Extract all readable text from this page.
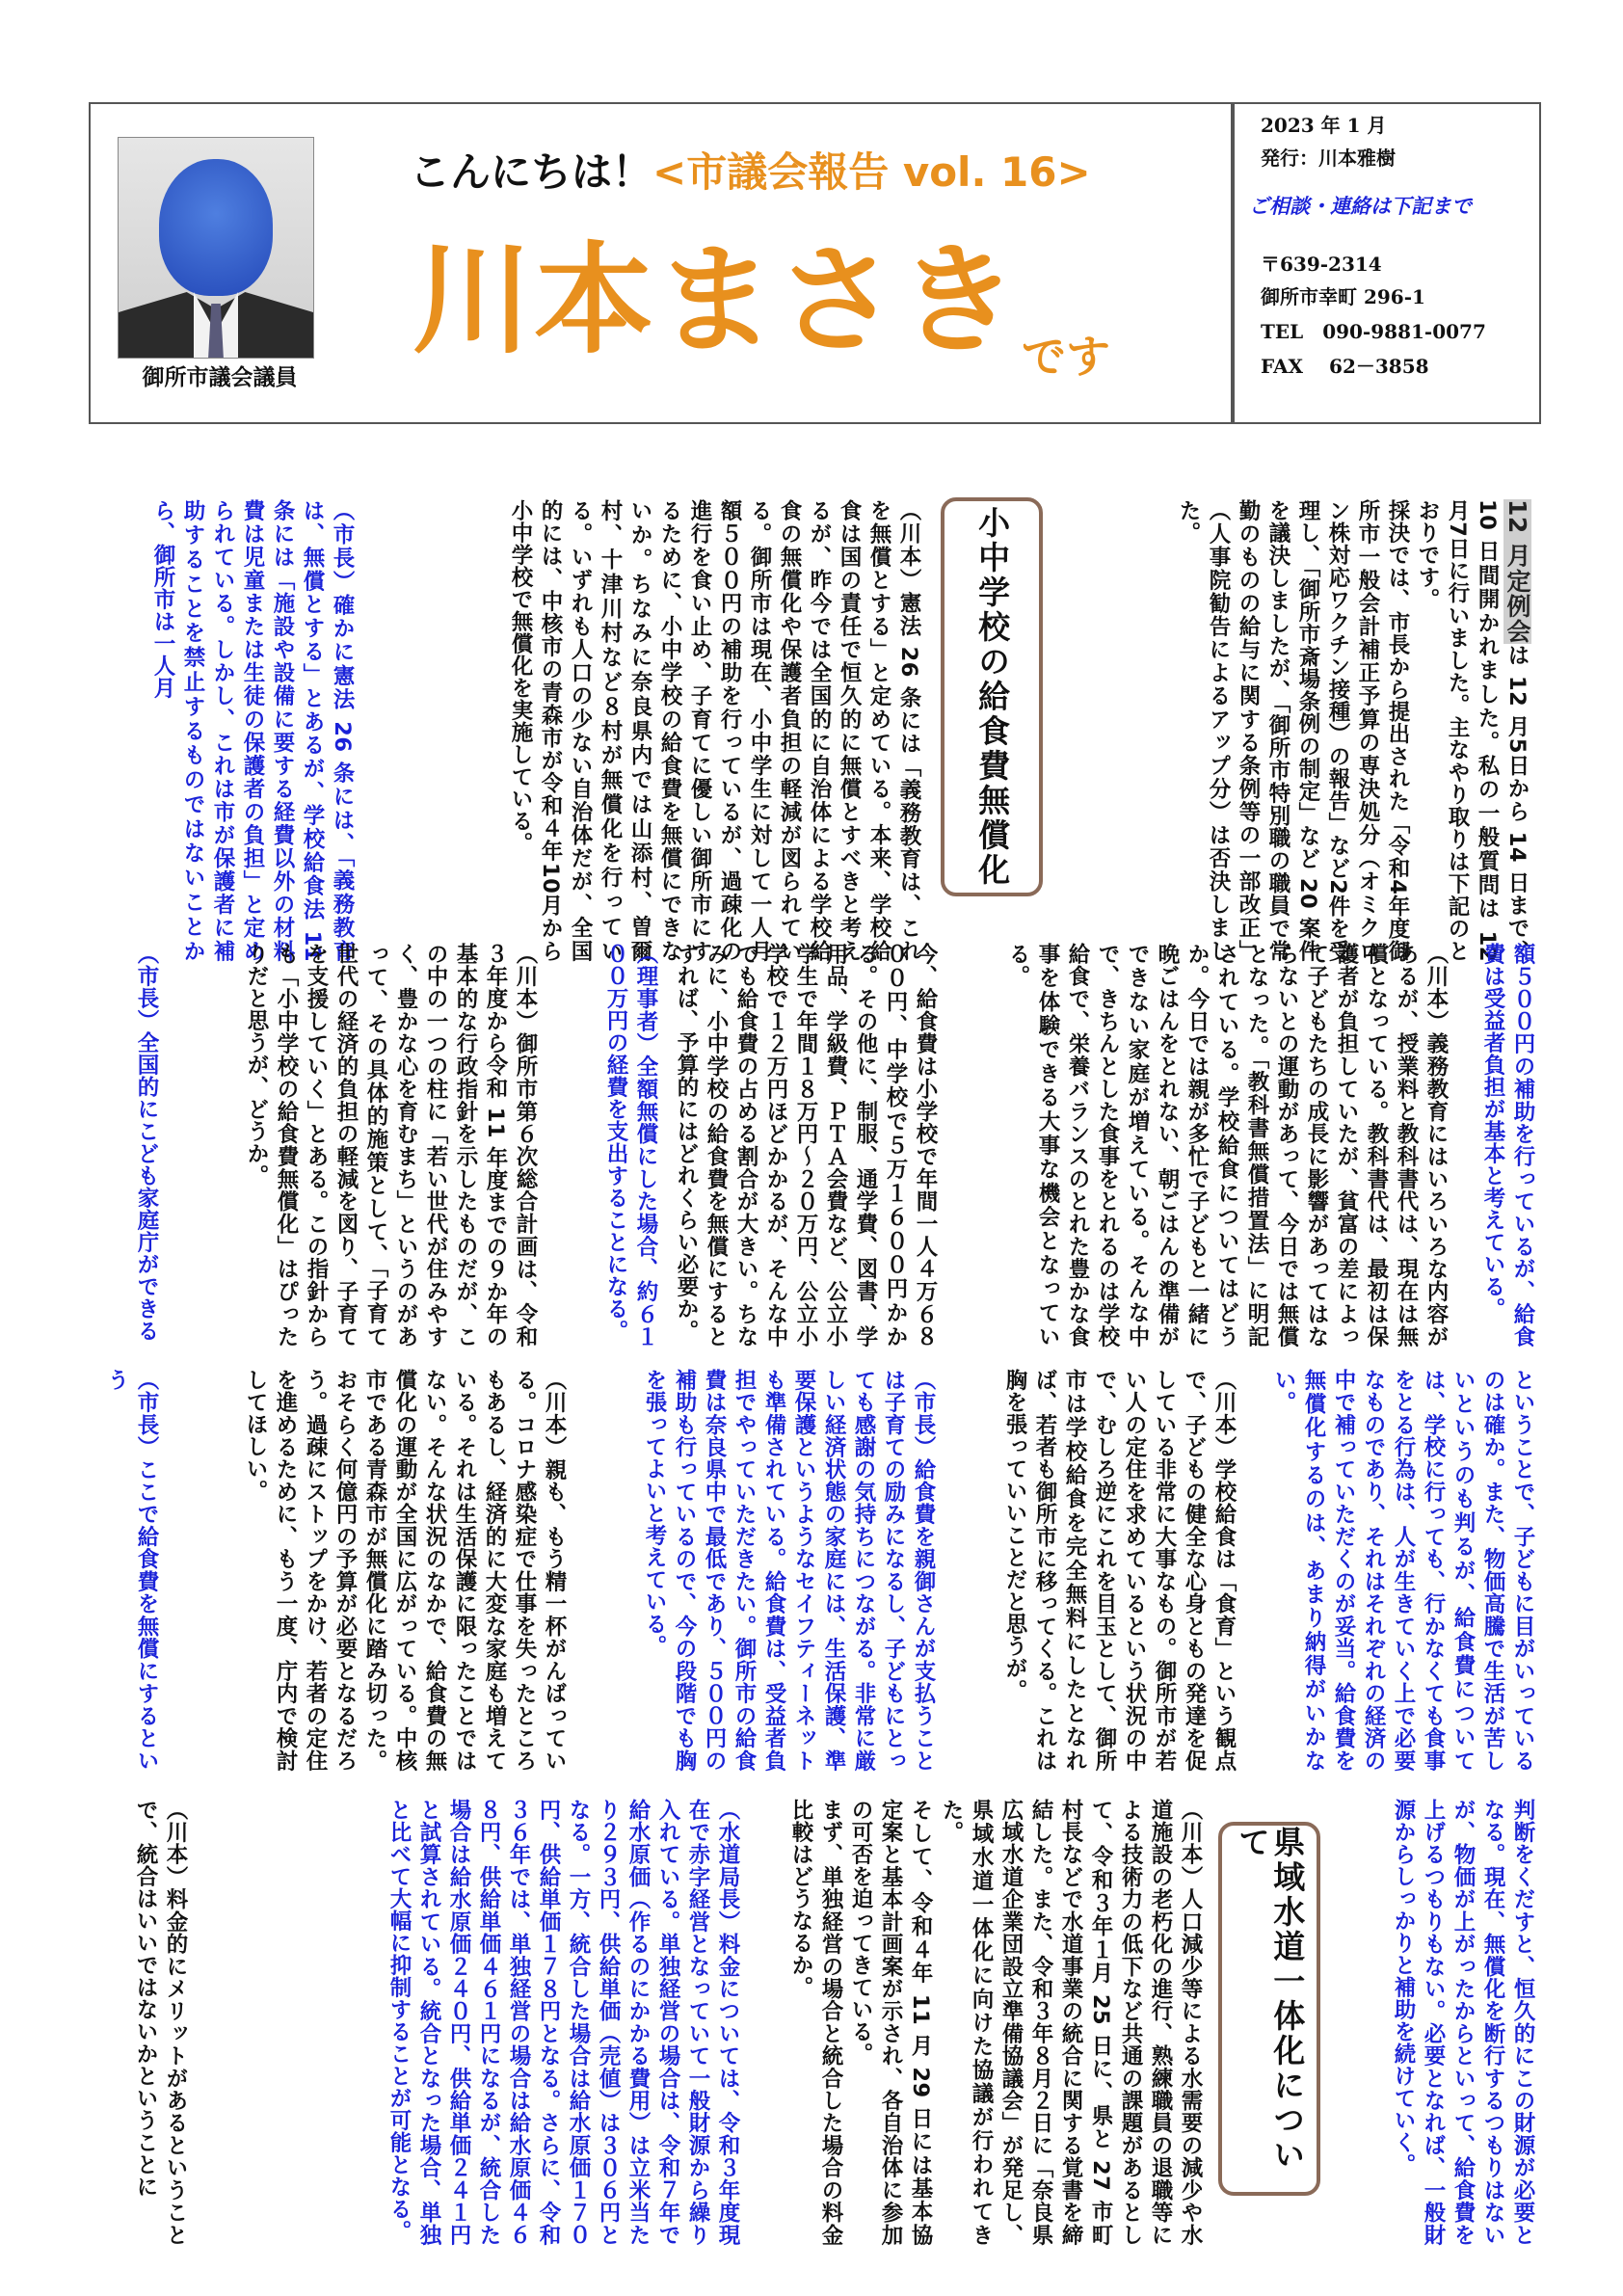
御所市議会議員
こんにちは！<市議会報告 vol. 16>
川本まさき です
2023 年 1 月
発行：川本雅樹
ご相談・連絡は下記まで
〒639-2314
御所市幸町 296-1
TEL　090-9881-0077
FAX　 62－3858
小中学校の給食費無償化
県域水道一体化について
12 月定例会は 12 月5日から 14 日まで、10 日間開かれました。私の一般質問は 12 月7日に行いました。主なやり取りは下記のとおりです。
採決では、市長から提出された「令和4年度御所市一般会計補正予算の専決処分（オミクロン株対応ワクチン接種）の報告」など2件を受理し、「御所市斎場条例の制定」など 20 案件を議決しましたが、「御所市特別職の職員で常勤のものの給与に関する条例等の一部改正」（人事院勧告によるアップ分）は否決しました。
（川本）憲法 26 条には「義務教育は、これを無償とする」と定めている。本来、学校給食は国の責任で恒久的に無償とすべきと考えるが、昨今では全国的に自治体による学校給食の無償化や保護者負担の軽減が図られている。御所市は現在、小中学生に対して一人月額５００円の補助を行っているが、過疎化の進行を食い止め、子育てに優しい御所市にするために、小中学校の給食費を無償にできないか。ちなみに奈良県内では山添村、曽爾村、十津川村など８村が無償化を行っている。いずれも人口の少ない自治体だが、全国的には、中核市の青森市が令和４年10月から小中学校で無償化を実施している。
（市長）確かに憲法 26 条には、「義務教育は、無償とする」とあるが、学校給食法 11 条には「施設や設備に要する経費以外の材料費は児童または生徒の保護者の負担」と定められている。しかし、これは市が保護者に補助することを禁止するものではないことから、御所市は一人月
額５００円の補助を行っているが、給食費は受益者負担が基本と考えている。
（川本）義務教育にはいろいろな内容があるが、授業料と教科書代は、現在は無償となっている。教科書代は、最初は保護者が負担していたが、貧富の差によって子どもたちの成長に影響があってはならないとの運動があって、今日では無償となった。「教科書無償措置法」に明記されている。学校給食についてはどうか。今日では親が多忙で子どもと一緒に晩ごはんをとれない、朝ごはんの準備ができない家庭が増えている。そんな中で、きちんとした食事をとれるのは学校給食で、栄養バランスのとれた豊かな食事を体験できる大事な機会となっている。
今、給食費は小学校で年間一人４万６８００円、中学校で５万１６００円かかる。その他に、制服、通学費、図書、学用品、学級費、ＰＴＡ会費など、公立小学生で年間１８万円～２０万円、公立小学校で１２万円ほどかかるが、そんな中でも給食費の占める割合が大きい。ちなみに、小中学校の給食費を無償にするとすれば、予算的にはどれくらい必要か。
（理事者）全額無償にした場合、約６１００万円の経費を支出することになる。
（川本）御所市第６次総合計画は、令和３年度から令和 11 年度までの９か年の基本的な行政指針を示したものだが、この中の一つの柱に「若い世代が住みやすく、豊かな心を育むまち」というのがあって、その具体的施策として、「子育て世代の経済的負担の軽減を図り、子育てを支援していく」とある。この指針からも「小中学校の給食費無償化」はぴったりだと思うが、どうか。
（市長）全国的にこども家庭庁ができる
ということで、子どもに目がいっているのは確か。また、物価高騰で生活が苦しいというのも判るが、給食費については、学校に行っても、行かなくても食事をとる行為は、人が生きていく上で必要なものであり、それはそれぞれの経済の中で補っていただくのが妥当。給食費を無償化するのは、あまり納得がいかない。
（川本）学校給食は「食育」という観点で、子どもの健全な心身ともの発達を促している非常に大事なもの。御所市が若い人の定住を求めているという状況の中で、むしろ逆にこれを目玉として、御所市は学校給食を完全無料にしたとなれば、若者も御所市に移ってくる。これは胸を張っていいことだと思うが。
（市長）給食費を親御さんが支払うことは子育ての励みになるし、子どもにとっても感謝の気持ちにつながる。非常に厳しい経済状態の家庭には、生活保護、準要保護というようなセイフティーネットも準備されている。給食費は、受益者負担でやっていただきたい。御所市の給食費は奈良県中で最低であり、５００円の補助も行っているので、今の段階でも胸を張ってよいと考えている。
（川本）親も、もう精一杯がんばっている。コロナ感染症で仕事を失ったところもあるし、経済的に大変な家庭も増えている。それは生活保護に限ったことではない。そんな状況のなかで、給食費の無償化の運動が全国に広がっている。中核市である青森市が無償化に踏み切った。おそらく何億円の予算が必要となるだろう。過疎にストップをかけ、若者の定住を進めるために、もう一度、庁内で検討してほしい。
（市長）ここで給食費を無償にするという
判断をくだすと、恒久的にこの財源が必要となる。現在、無償化を断行するつもりはないが、物価が上がったからといって、給食費を上げるつもりもない。必要となれば、一般財源からしっかりと補助を続けていく。
（川本）人口減少等による水需要の減少や水道施設の老朽化の進行、熟練職員の退職等による技術力の低下など共通の課題があるとして、令和３年１月 25 日に、県と 27 市町村長などで水道事業の統合に関する覚書を締結した。また、令和３年８月２日に「奈良県広域水道企業団設立準備協議会」が発足し、県域水道一体化に向けた協議が行われてきた。
そして、令和４年 11 月 29 日には基本協定案と基本計画案が示され、各自治体に参加の可否を迫ってきている。
まず、単独経営の場合と統合した場合の料金比較はどうなるか。
（水道局長）料金については、令和３年度現在で赤字経営となっていて一般財源から繰り入れている。単独経営の場合は、令和７年で給水原価（作るのにかかる費用）は立米当たり２９３円、供給単価（売値）は３０６円となる。一方、統合した場合は給水原価１７０円、供給単価１７８円となる。さらに、令和３６年では、単独経営の場合は給水原価４６８円、供給単価４６１円になるが、統合した場合は給水原価２４０円、供給単価２４１円と試算されている。統合となった場合、単独と比べて大幅に抑制することが可能となる。
（川本）料金的にメリットがあるということで、統合はいいではないかということに
